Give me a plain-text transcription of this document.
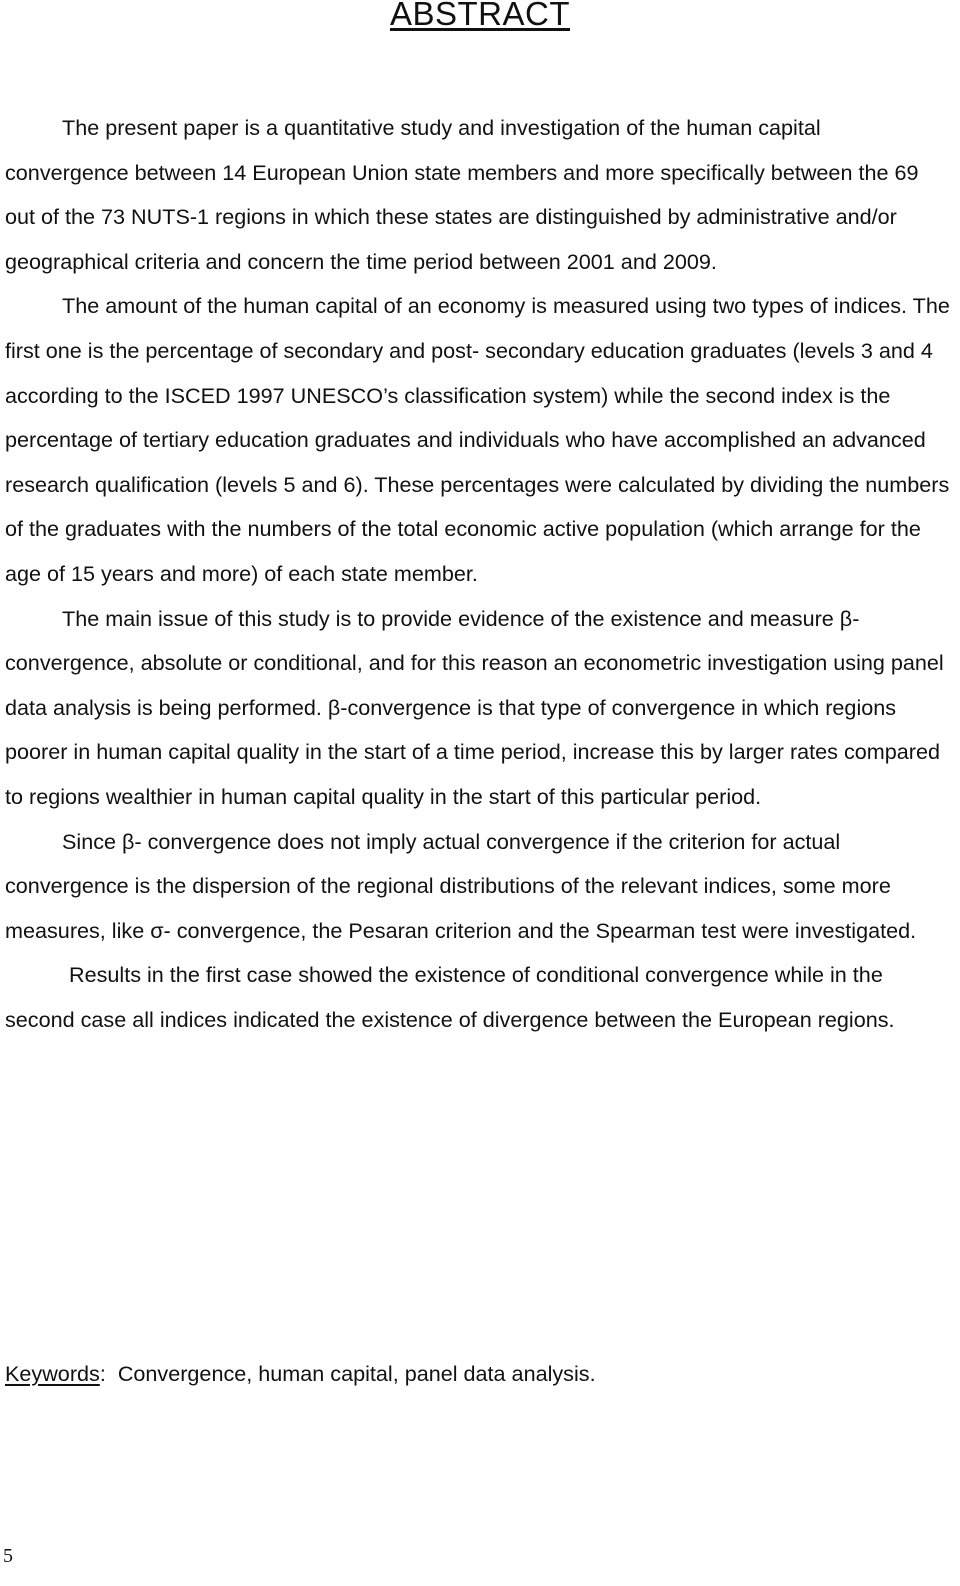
ABSTRACT

The present paper is a quantitative study and investigation of the human capital convergence between 14 European Union state members and more specifically between the 69 out of the 73 NUTS-1 regions in which these states are distinguished by administrative and/or geographical criteria and concern the time period between 2001 and 2009.

The amount of the human capital of an economy is measured using two types of indices. The first one is the percentage of secondary and post- secondary education graduates (levels 3 and 4 according to the ISCED 1997 UNESCO’s classification system) while the second index is the percentage of tertiary education graduates and individuals who have accomplished an advanced research qualification (levels 5 and 6). These percentages were calculated by dividing the numbers of the graduates with the numbers of the total economic active population (which arrange for the age of 15 years and more) of each state member.

The main issue of this study is to provide evidence of the existence and measure β- convergence, absolute or conditional, and for this reason an econometric investigation using panel data analysis is being performed. β-convergence is that type of convergence in which regions poorer in human capital quality in the start of a time period, increase this by larger rates compared to regions wealthier in human capital quality in the start of this particular period.

Since β- convergence does not imply actual convergence if the criterion for actual convergence is the dispersion of the regional distributions of the relevant indices, some more measures, like σ- convergence, the Pesaran criterion and the Spearman test were investigated.

Results in the first case showed the existence of conditional convergence while in the second case all indices indicated the existence of divergence between the European regions.

Keywords: Convergence, human capital, panel data analysis.
5
